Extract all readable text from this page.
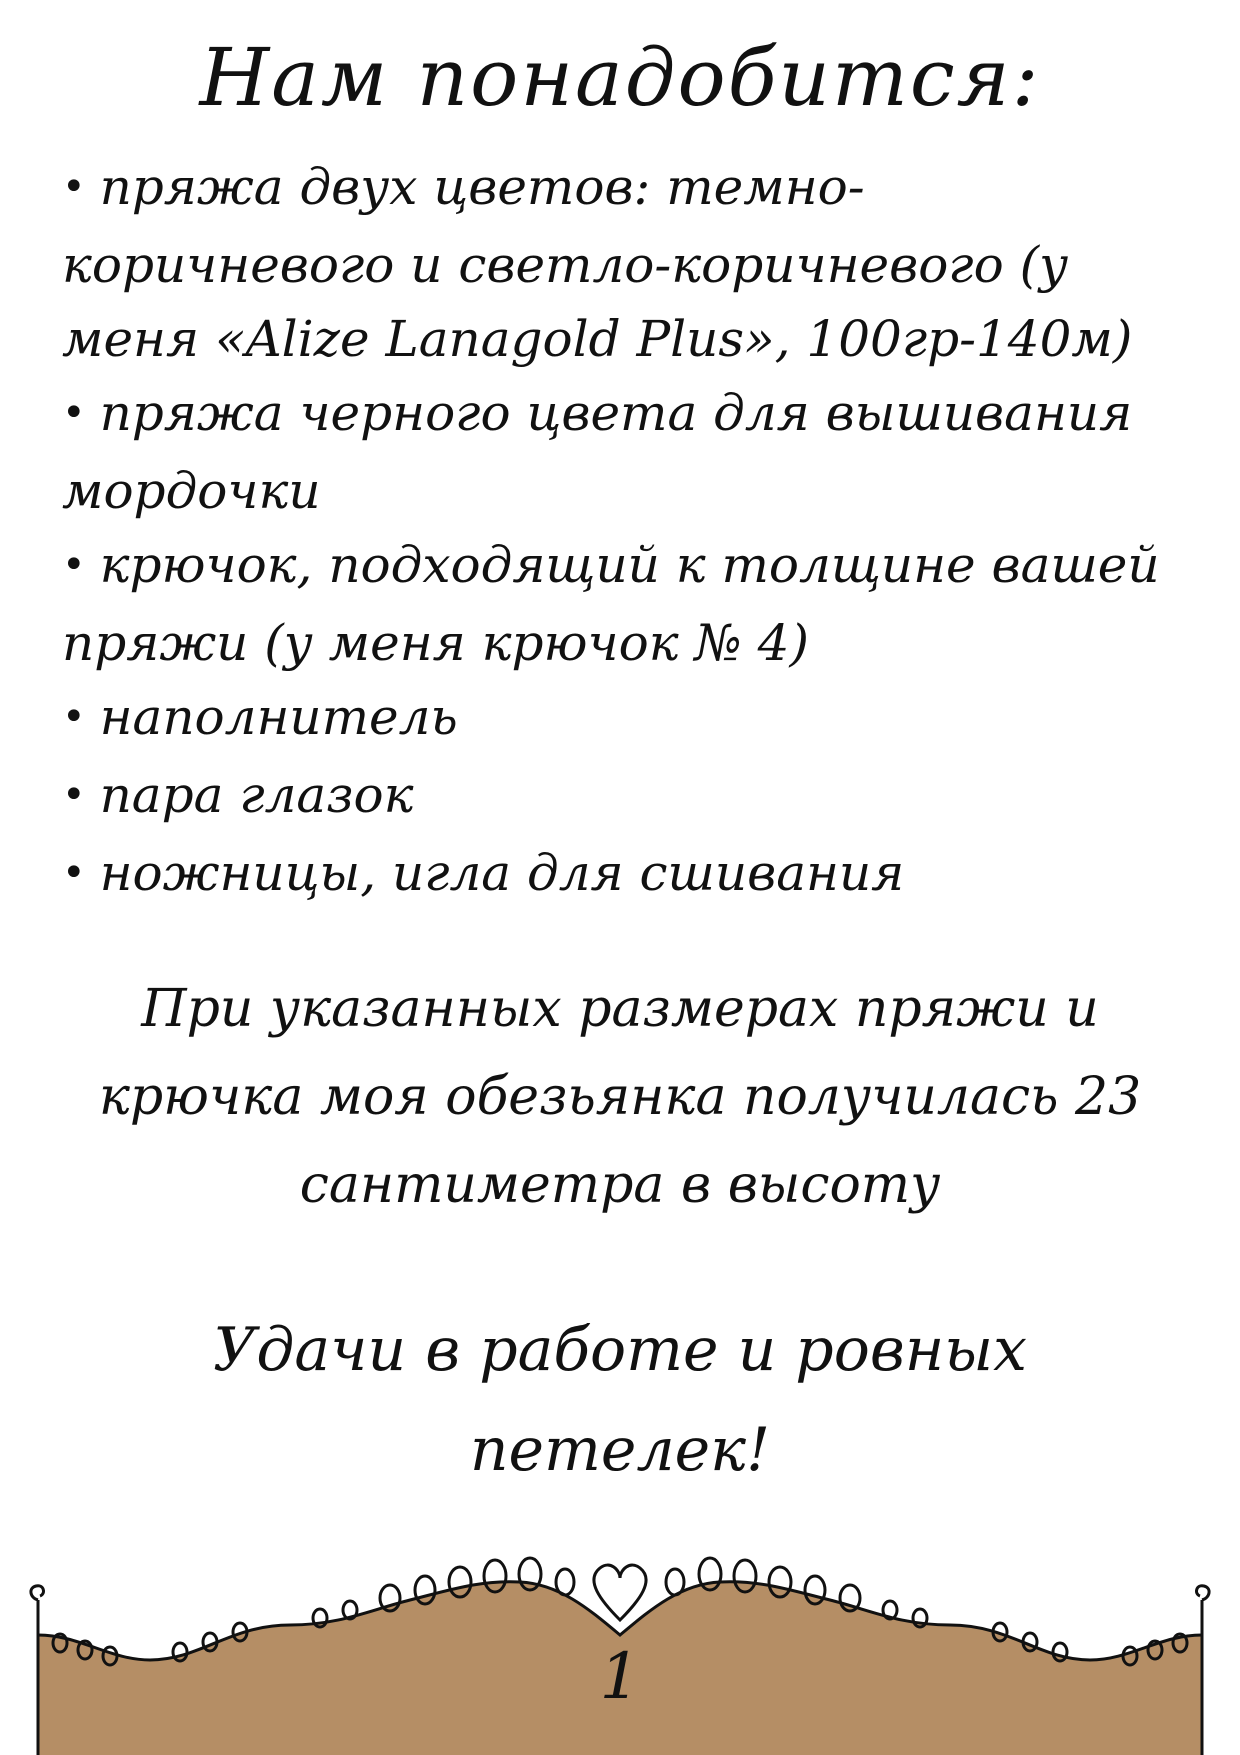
Нам понадобится:

• пряжа двух цветов: темно-коричневого и светло-коричневого (у меня «Alize Lanagold Plus», 100гр-140м)

• пряжа черного цвета для вышивания мордочки

• крючок, подходящий к толщине вашей пряжи (у меня крючок № 4)

• наполнитель

• пара глазок

• ножницы, игла для сшивания

При указанных размерах пряжи и крючка моя обезьянка получилась 23 сантиметра в высоту
Удачи в работе и ровных петелек!
1
